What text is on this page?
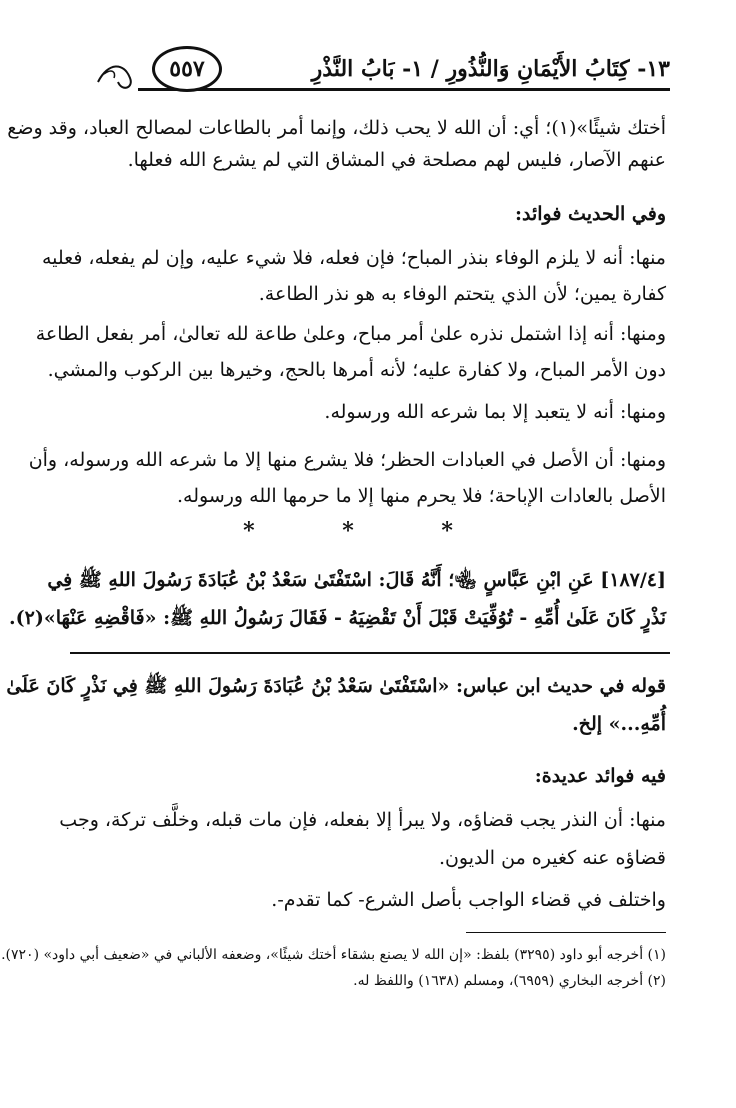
١٣- كِتَابُ الأَيْمَانِ وَالنُّذُورِ / ١- بَابُ النَّذْرِ
٥٥٧
أختك شيئًا»(١)؛ أي: أن الله لا يحب ذلك، وإنما أمر بالطاعات لمصالح العباد، وقد وضع
عنهم الآصار، فليس لهم مصلحة في المشاق التي لم يشرع الله فعلها.
وفي الحديث فوائد:
منها: أنه لا يلزم الوفاء بنذر المباح؛ فإن فعله، فلا شيء عليه، وإن لم يفعله، فعليه
كفارة يمين؛ لأن الذي يتحتم الوفاء به هو نذر الطاعة.
ومنها: أنه إذا اشتمل نذره علىٰ أمر مباح، وعلىٰ طاعة لله تعالىٰ، أمر بفعل الطاعة
دون الأمر المباح، ولا كفارة عليه؛ لأنه أمرها بالحج، وخيرها بين الركوب والمشي.
ومنها: أنه لا يتعبد إلا بما شرعه الله ورسوله.
ومنها: أن الأصل في العبادات الحظر؛ فلا يشرع منها إلا ما شرعه الله ورسوله، وأن
الأصل بالعادات الإباحة؛ فلا يحرم منها إلا ما حرمها الله ورسوله.
* * *
[١٨٧/٤] عَنِ ابْنِ عَبَّاسٍ ﵄؛ أَنَّهُ قَالَ: اسْتَفْتَىٰ سَعْدُ بْنُ عُبَادَةَ رَسُولَ اللهِ ﷺ فِي
نَذْرٍ كَانَ عَلَىٰ أُمِّهِ - تُوُفِّيَتْ قَبْلَ أَنْ تَقْضِيَهُ - فَقَالَ رَسُولُ اللهِ ﷺ: «فَاقْضِهِ عَنْهَا»(٢).
قوله في حديث ابن عباس: «اسْتَفْتَىٰ سَعْدُ بْنُ عُبَادَةَ رَسُولَ اللهِ ﷺ فِي نَذْرٍ كَانَ عَلَىٰ
أُمِّهِ...» إلخ.
فيه فوائد عديدة:
منها: أن النذر يجب قضاؤه، ولا يبرأ إلا بفعله، فإن مات قبله، وخلَّف تركة، وجب
قضاؤه عنه كغيره من الديون.
واختلف في قضاء الواجب بأصل الشرع- كما تقدم-.
(١) أخرجه أبو داود (٣٢٩٥) بلفظ: «إن الله لا يصنع بشقاء أختك شيئًا»، وضعفه الألباني في «ضعيف أبي داود» (٧٢٠).
(٢) أخرجه البخاري (٦٩٥٩)، ومسلم (١٦٣٨) واللفظ له.
